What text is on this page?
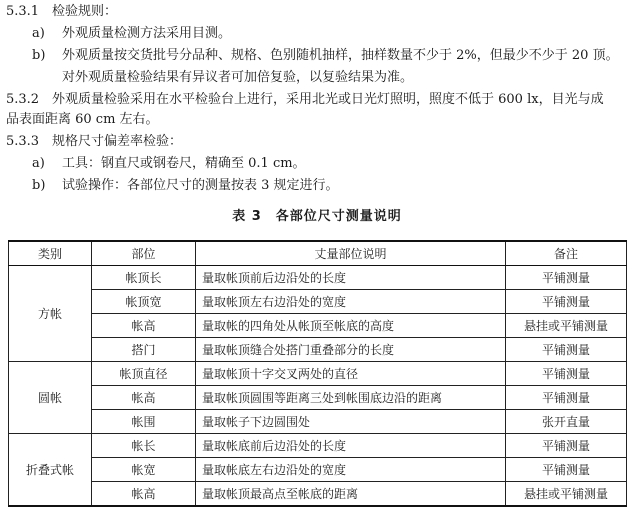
5.3.1 检验规则：
a) 外观质量检测方法采用目测。
b) 外观质量按交货批号分品种、规格、色别随机抽样，抽样数量不少于 2%，但最少不少于 20 顶。
对外观质量检验结果有异议者可加倍复验，以复验结果为准。
5.3.2 外观质量检验采用在水平检验台上进行，采用北光或日光灯照明，照度不低于 600 lx，目光与成
品表面距离 60 cm 左右。
5.3.3 规格尺寸偏差率检验：
a) 工具：钢直尺或钢卷尺，精确至 0.1 cm。
b) 试验操作：各部位尺寸的测量按表 3 规定进行。
表 3　各部位尺寸测量说明
类别	部位	丈量部位说明	备注
方帐	帐顶长	量取帐顶前后边沿处的长度	平铺测量
	帐顶宽	量取帐顶左右边沿处的宽度	平铺测量
	帐高	量取帐的四角处从帐顶至帐底的高度	悬挂或平铺测量
	搭门	量取帐顶缝合处搭门重叠部分的长度	平铺测量
圆帐	帐顶直径	量取帐顶十字交叉两处的直径	平铺测量
	帐高	量取帐顶圆围等距离三处到帐围底边沿的距离	平铺测量
	帐围	量取帐子下边圆围处	张开直量
折叠式帐	帐长	量取帐底前后边沿处的长度	平铺测量
	帐宽	量取帐底左右边沿处的宽度	平铺测量
	帐高	量取帐顶最高点至帐底的距离	悬挂或平铺测量
